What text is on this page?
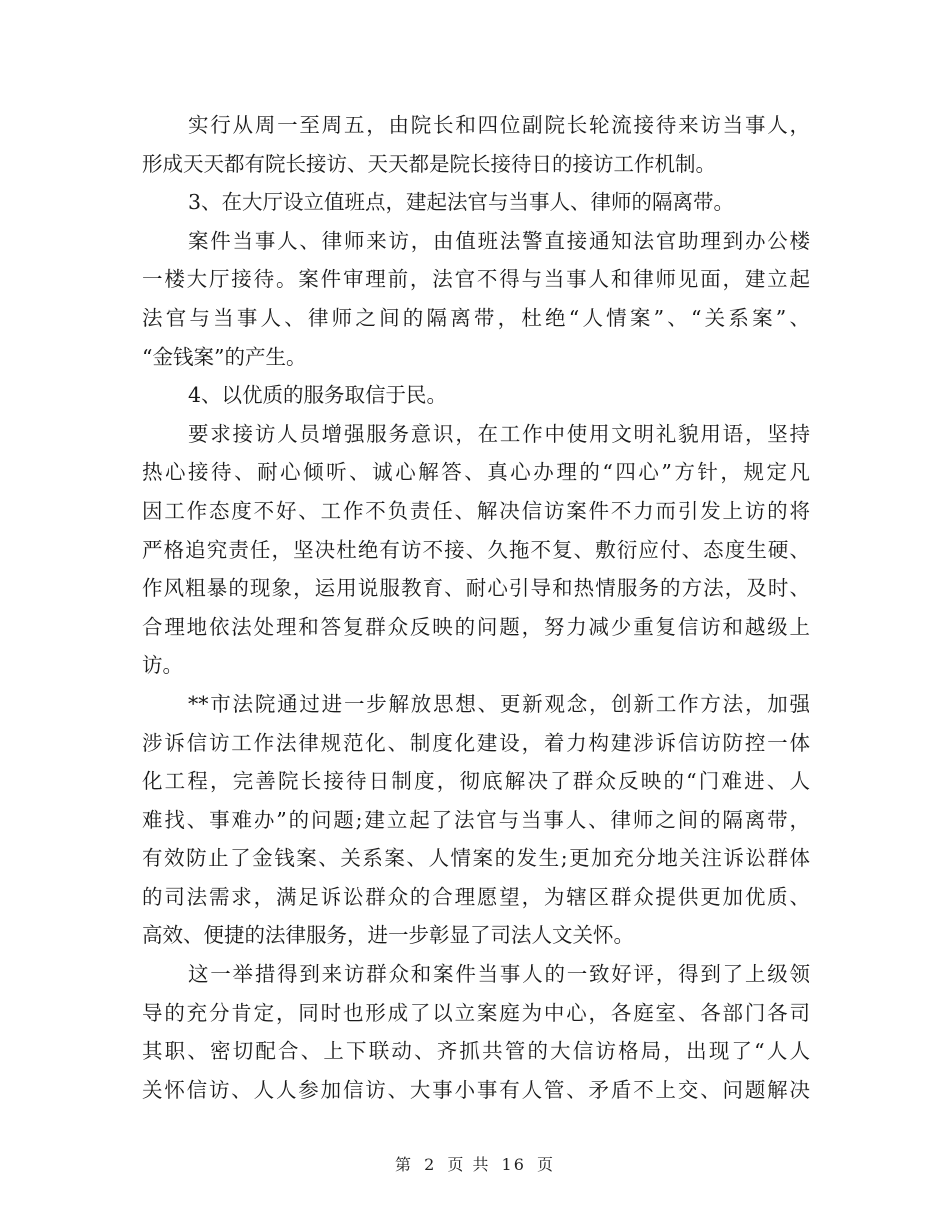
实行从周一至周五，由院长和四位副院长轮流接待来访当事人，
形成天天都有院长接访、天天都是院长接待日的接访工作机制。
3、在大厅设立值班点，建起法官与当事人、律师的隔离带。
案件当事人、律师来访，由值班法警直接通知法官助理到办公楼
一楼大厅接待。案件审理前，法官不得与当事人和律师见面，建立起
法官与当事人、律师之间的隔离带，杜绝“人情案”、“关系案”、
“金钱案”的产生。
4、以优质的服务取信于民。
要求接访人员增强服务意识，在工作中使用文明礼貌用语，坚持
热心接待、耐心倾听、诚心解答、真心办理的“四心”方针，规定凡
因工作态度不好、工作不负责任、解决信访案件不力而引发上访的将
严格追究责任，坚决杜绝有访不接、久拖不复、敷衍应付、态度生硬、
作风粗暴的现象，运用说服教育、耐心引导和热情服务的方法，及时、
合理地依法处理和答复群众反映的问题，努力减少重复信访和越级上
访。
**市法院通过进一步解放思想、更新观念，创新工作方法，加强
涉诉信访工作法律规范化、制度化建设，着力构建涉诉信访防控一体
化工程，完善院长接待日制度，彻底解决了群众反映的“门难进、人
难找、事难办”的问题;建立起了法官与当事人、律师之间的隔离带，
有效防止了金钱案、关系案、人情案的发生;更加充分地关注诉讼群体
的司法需求，满足诉讼群众的合理愿望，为辖区群众提供更加优质、
高效、便捷的法律服务，进一步彰显了司法人文关怀。
这一举措得到来访群众和案件当事人的一致好评，得到了上级领
导的充分肯定，同时也形成了以立案庭为中心，各庭室、各部门各司
其职、密切配合、上下联动、齐抓共管的大信访格局，出现了“人人
关怀信访、人人参加信访、大事小事有人管、矛盾不上交、问题解决
第 2 页 共 16 页
